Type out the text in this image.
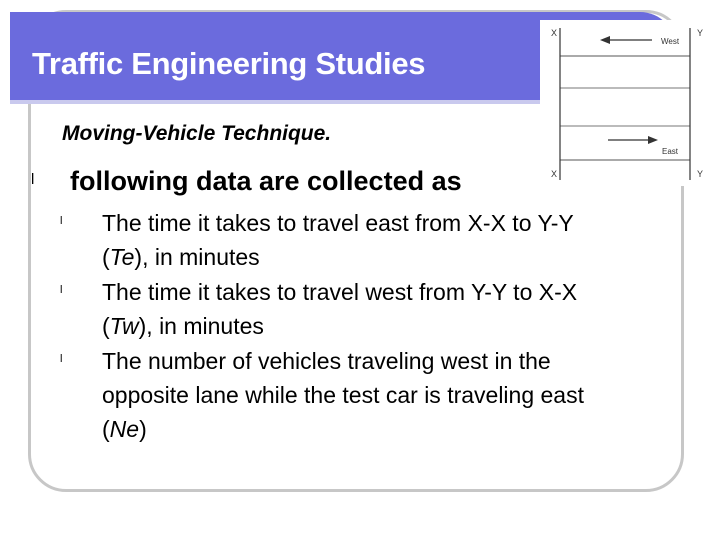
Traffic Engineering Studies
X	Y
X	Y
West
East
Moving-Vehicle Technique.
l following data are collected as
l The time it takes to travel east from X-X to Y-Y (Te), in minutes
l The time it takes to travel west from Y-Y to X-X (Tw), in minutes
l The number of vehicles traveling west in the opposite lane while the test car is traveling east (Ne)
